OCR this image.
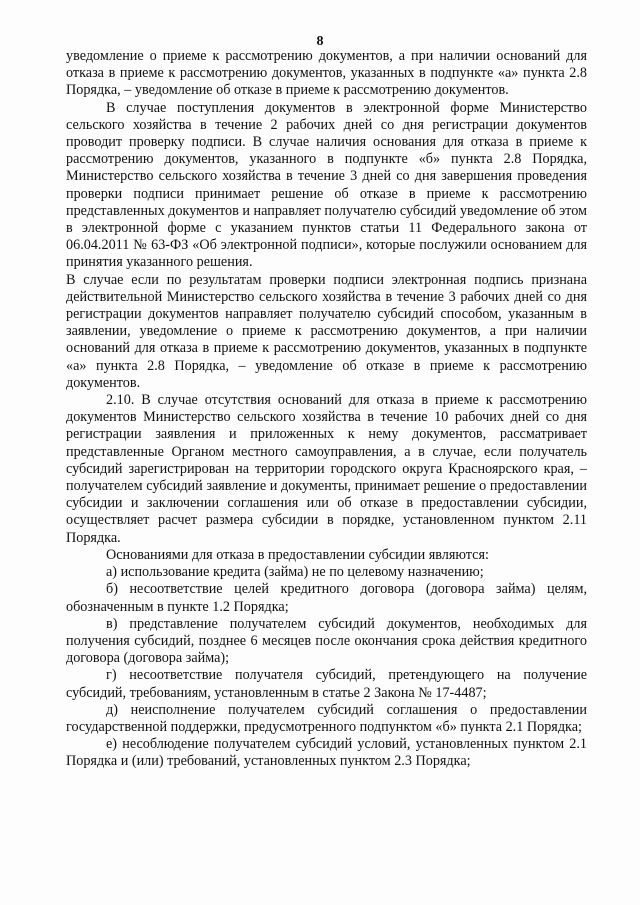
8

уведомление о приеме к рассмотрению документов, а при наличии оснований для отказа в приеме к рассмотрению документов, указанных в подпункте «а» пункта 2.8 Порядка, – уведомление об отказе в приеме к рассмотрению документов.

В случае поступления документов в электронной форме Министерство сельского хозяйства в течение 2 рабочих дней со дня регистрации документов проводит проверку подписи. В случае наличия основания для отказа в приеме к рассмотрению документов, указанного в подпункте «б» пункта 2.8 Порядка, Министерство сельского хозяйства в течение 3 дней со дня завершения проведения проверки подписи принимает решение об отказе в приеме к рассмотрению представленных документов и направляет получателю субсидий уведомление об этом в электронной форме с указанием пунктов статьи 11 Федерального закона от 06.04.2011 № 63-ФЗ «Об электронной подписи», которые послужили основанием для принятия указанного решения.

В случае если по результатам проверки подписи электронная подпись признана действительной Министерство сельского хозяйства в течение 3 рабочих дней со дня регистрации документов направляет получателю субсидий способом, указанным в заявлении, уведомление о приеме к рассмотрению документов, а при наличии оснований для отказа в приеме к рассмотрению документов, указанных в подпункте «а» пункта 2.8 Порядка, – уведомление об отказе в приеме к рассмотрению документов.

2.10. В случае отсутствия оснований для отказа в приеме к рассмотрению документов Министерство сельского хозяйства в течение 10 рабочих дней со дня регистрации заявления и приложенных к нему документов, рассматривает представленные Органом местного самоуправления, а в случае, если получатель субсидий зарегистрирован на территории городского округа Красноярского края, – получателем субсидий заявление и документы, принимает решение о предоставлении субсидии и заключении соглашения или об отказе в предоставлении субсидии, осуществляет расчет размера субсидии в порядке, установленном пунктом 2.11 Порядка.

Основаниями для отказа в предоставлении субсидии являются:

а) использование кредита (займа) не по целевому назначению;

б) несоответствие целей кредитного договора (договора займа) целям, обозначенным в пункте 1.2 Порядка;

в) представление получателем субсидий документов, необходимых для получения субсидий, позднее 6 месяцев после окончания срока действия кредитного договора (договора займа);

г) несоответствие получателя субсидий, претендующего на получение субсидий, требованиям, установленным в статье 2 Закона № 17-4487;

д) неисполнение получателем субсидий соглашения о предоставлении государственной поддержки, предусмотренного подпунктом «б» пункта 2.1 Порядка;

е) несоблюдение получателем субсидий условий, установленных пунктом 2.1 Порядка и (или) требований, установленных пунктом 2.3 Порядка;
